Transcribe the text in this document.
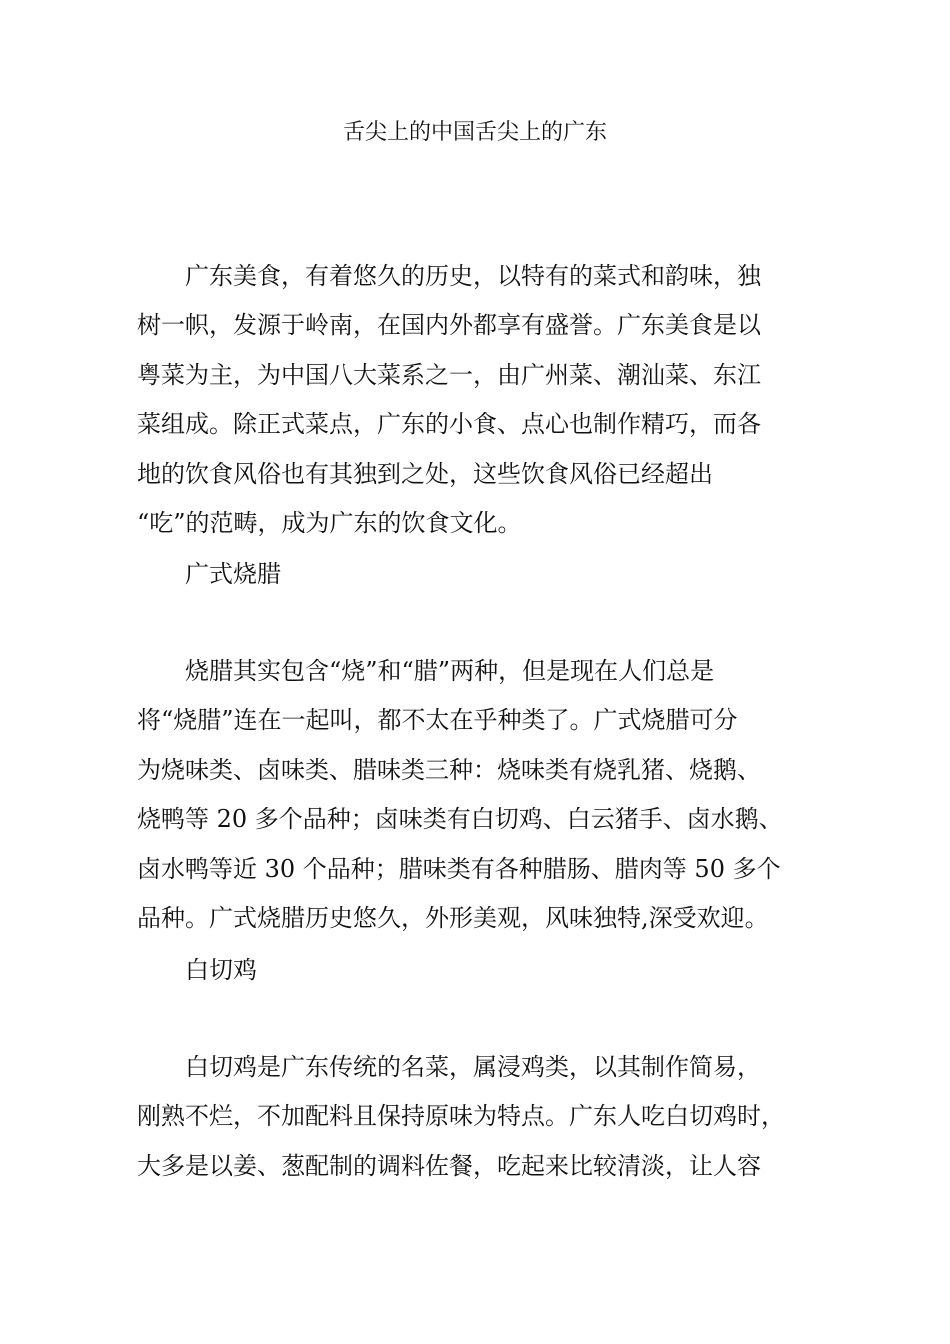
舌尖上的中国舌尖上的广东

广东美食，有着悠久的历史，以特有的菜式和韵味，独
树一帜，发源于岭南，在国内外都享有盛誉。广东美食是以
粤菜为主，为中国八大菜系之一，由广州菜、潮汕菜、东江
菜组成。除正式菜点，广东的小食、点心也制作精巧，而各
地的饮食风俗也有其独到之处，这些饮食风俗已经超出
“吃”的范畴，成为广东的饮食文化。

广式烧腊

烧腊其实包含“烧”和“腊”两种，但是现在人们总是
将“烧腊”连在一起叫，都不太在乎种类了。广式烧腊可分
为烧味类、卤味类、腊味类三种：烧味类有烧乳猪、烧鹅、
烧鸭等 20 多个品种；卤味类有白切鸡、白云猪手、卤水鹅、
卤水鸭等近 30 个品种；腊味类有各种腊肠、腊肉等 50 多个
品种。广式烧腊历史悠久，外形美观，风味独特,深受欢迎。

白切鸡

白切鸡是广东传统的名菜，属浸鸡类，以其制作简易，
刚熟不烂，不加配料且保持原味为特点。广东人吃白切鸡时，
大多是以姜、葱配制的调料佐餐，吃起来比较清淡，让人容
